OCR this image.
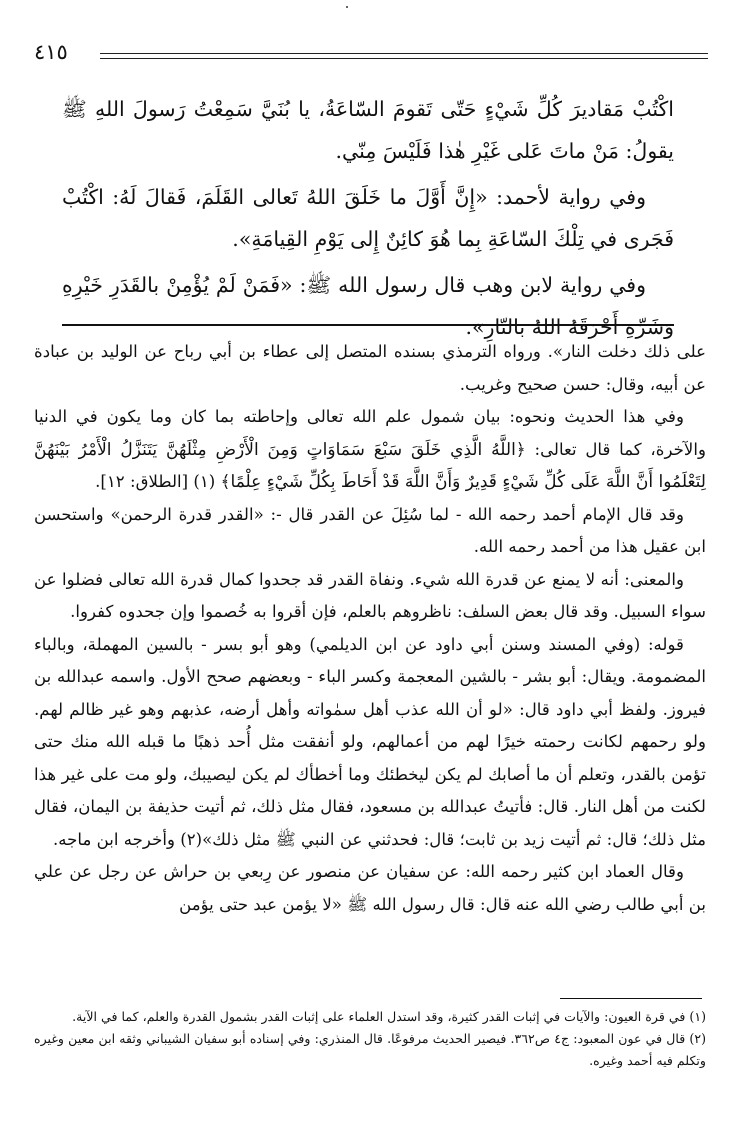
٤١٥

اكْتُبْ مَقاديرَ كُلِّ شَيْءٍ حَتّى تَقومَ السّاعَةُ، يا بُنَيَّ سَمِعْتُ رَسولَ اللهِ ﷺ يقولُ: مَنْ ماتَ عَلى غَيْرِ هٰذا فَلَيْسَ مِنّي.

وفي رواية لأحمد: «إِنَّ أَوَّلَ ما خَلَقَ اللهُ تَعالى القَلَمَ، فَقالَ لَهُ: اكْتُبْ فَجَرى في تِلْكَ السّاعَةِ بِما هُوَ كائِنٌ إِلى يَوْمِ القِيامَةِ».

وفي رواية لابن وهب قال رسول الله ﷺ: «فَمَنْ لَمْ يُؤْمِنْ بالقَدَرِ خَيْرِهِ وَشَرِّهِ أَحْرَقَهُ اللهُ بالنّارِ».

على ذلك دخلت النار». ورواه الترمذي بسنده المتصل إلى عطاء بن أبي رباح عن الوليد بن عبادة عن أبيه، وقال: حسن صحيح وغريب.

وفي هذا الحديث ونحوه: بيان شمول علم الله تعالى وإحاطته بما كان وما يكون في الدنيا والآخرة، كما قال تعالى: ﴿اللَّهُ الَّذِي خَلَقَ سَبْعَ سَمَاوَاتٍ وَمِنَ الْأَرْضِ مِثْلَهُنَّ يَتَنَزَّلُ الْأَمْرُ بَيْنَهُنَّ لِتَعْلَمُوا أَنَّ اللَّهَ عَلَى كُلِّ شَيْءٍ قَدِيرٌ وَأَنَّ اللَّهَ قَدْ أَحَاطَ بِكُلِّ شَيْءٍ عِلْمًا﴾ (١) [الطلاق: ١٢].

وقد قال الإمام أحمد رحمه الله - لما سُئِلَ عن القدر قال -: «القدر قدرة الرحمن» واستحسن ابن عقيل هذا من أحمد رحمه الله.

والمعنى: أنه لا يمنع عن قدرة الله شيء. ونفاة القدر قد جحدوا كمال قدرة الله تعالى فضلوا عن سواء السبيل. وقد قال بعض السلف: ناظروهم بالعلم، فإن أقروا به خُصموا وإن جحدوه كفروا.

قوله: (وفي المسند وسنن أبي داود عن ابن الديلمي) وهو أبو بسر - بالسين المهملة، وبالباء المضمومة. ويقال: أبو بشر - بالشين المعجمة وكسر الباء - وبعضهم صحح الأول. واسمه عبدالله بن فيروز. ولفظ أبي داود قال: «لو أن الله عذب أهل سمٰواته وأهل أرضه، عذبهم وهو غير ظالم لهم. ولو رحمهم لكانت رحمته خيرًا لهم من أعمالهم، ولو أنفقت مثل أُحد ذهبًا ما قبله الله منك حتى تؤمن بالقدر، وتعلم أن ما أصابك لم يكن ليخطئك وما أخطأك لم يكن ليصيبك، ولو مت على غير هذا لكنت من أهل النار. قال: فأتيتُ عبدالله بن مسعود، فقال مثل ذلك، ثم أتيت حذيفة بن اليمان، فقال مثل ذلك؛ قال: ثم أتيت زيد بن ثابت؛ قال: فحدثني عن النبي ﷺ مثل ذلك»(٢) وأخرجه ابن ماجه.

وقال العماد ابن كثير رحمه الله: عن سفيان عن منصور عن رِبعي بن حراش عن رجل عن علي بن أبي طالب رضي الله عنه قال: قال رسول الله ﷺ «لا يؤمن عبد حتى يؤمن

(١) في قرة العيون: والآيات في إثبات القدر كثيرة، وقد استدل العلماء على إثبات القدر بشمول القدرة والعلم، كما في الآية.

(٢) قال في عون المعبود: ج٤ ص٣٦٢. فيصير الحديث مرفوعًا. قال المنذري: وفي إسناده أبو سفيان الشيباني وثقه ابن معين وغيره وتكلم فيه أحمد وغيره.
